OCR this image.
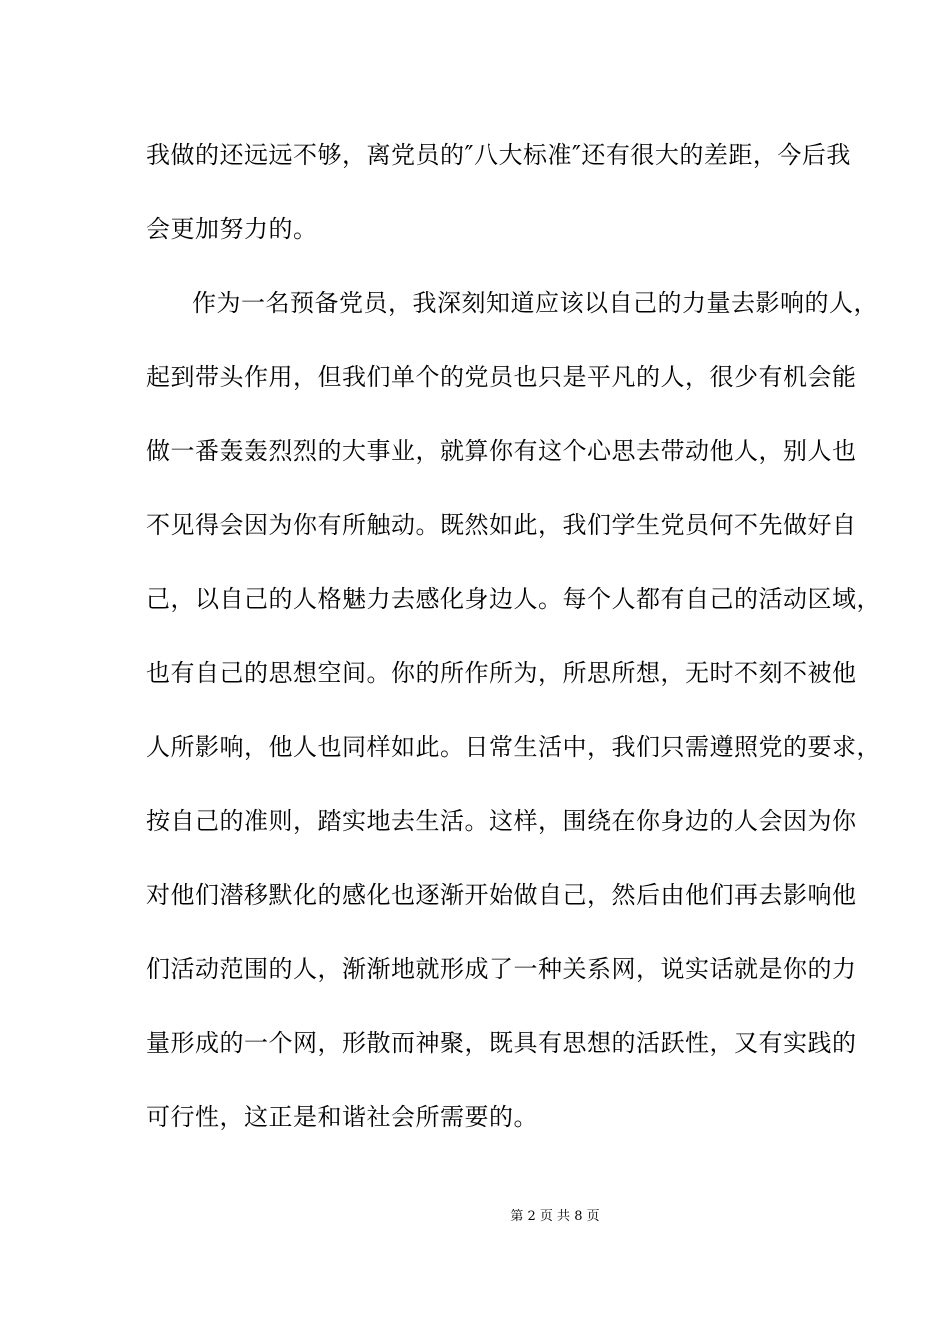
我做的还远远不够，离党员的″八大标准″还有很大的差距，今后我
会更加努力的。
作为一名预备党员，我深刻知道应该以自己的力量去影响的人，
起到带头作用，但我们单个的党员也只是平凡的人，很少有机会能
做一番轰轰烈烈的大事业，就算你有这个心思去带动他人，别人也
不见得会因为你有所触动。既然如此，我们学生党员何不先做好自
己，以自己的人格魅力去感化身边人。每个人都有自己的活动区域，
也有自己的思想空间。你的所作所为，所思所想，无时不刻不被他
人所影响，他人也同样如此。日常生活中，我们只需遵照党的要求，
按自己的准则，踏实地去生活。这样，围绕在你身边的人会因为你
对他们潜移默化的感化也逐渐开始做自己，然后由他们再去影响他
们活动范围的人，渐渐地就形成了一种关系网，说实话就是你的力
量形成的一个网，形散而神聚，既具有思想的活跃性，又有实践的
可行性，这正是和谐社会所需要的。
第 2 页 共 8 页
